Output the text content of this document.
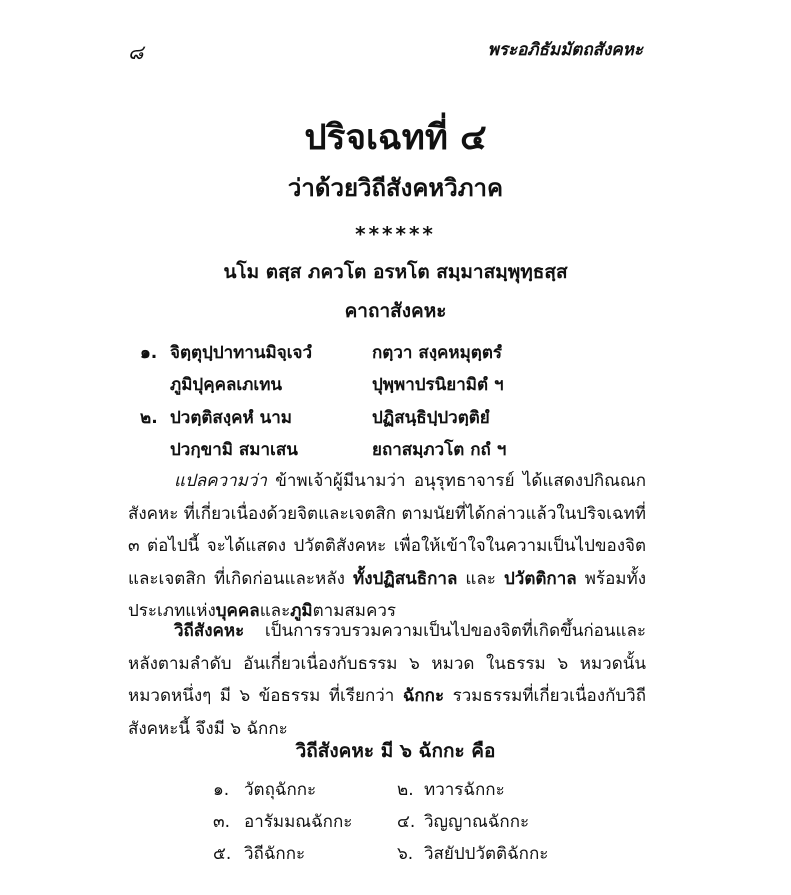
๘	พระอภิธัมมัตถสังคหะ
ปริจเฉทที่ ๔
ว่าด้วยวิถีสังคหวิภาค
******
นโม ตสฺส ภควโต อรหโต สมฺมาสมฺพุทฺธสฺส
คาถาสังคหะ
๑. จิตฺตุปฺปาทานมิจฺเจวํ	กตฺวา สงฺคหมุตฺตรํ
ภูมิปุคฺคลเภเทน	ปุพฺพาปรนิยามิตํ ฯ
๒. ปวตฺติสงฺคหํ นาม	ปฏิสนฺธิปฺปวตฺติยํ
ปวกฺขามิ สมาเสน	ยถาสมฺภวโต กถํ ฯ
แปลความว่า ข้าพเจ้าผู้มีนามว่า อนุรุทธาจารย์ ได้แสดงปกิณณกสังคหะ ที่เกี่ยวเนื่องด้วยจิตและเจตสิก ตามนัยที่ได้กล่าวแล้วในปริจเฉทที่ ๓ ต่อไปนี้ จะได้แสดง ปวัตติสังคหะ เพื่อให้เข้าใจในความเป็นไปของจิตและเจตสิก ที่เกิดก่อนและหลัง ทั้งปฏิสนธิกาล และ ปวัตติกาล พร้อมทั้งประเภทแห่งบุคคลและภูมิตามสมควร
วิถีสังคหะ เป็นการรวบรวมความเป็นไปของจิตที่เกิดขึ้นก่อนและหลังตามลำดับ อันเกี่ยวเนื่องกับธรรม ๖ หมวด ในธรรม ๖ หมวดนั้น หมวดหนึ่งๆ มี ๖ ข้อธรรม ที่เรียกว่า ฉักกะ รวมธรรมที่เกี่ยวเนื่องกับวิถีสังคหะนี้ จึงมี ๖ ฉักกะ
วิถีสังคหะ มี ๖ ฉักกะ คือ
๑. วัตถุฉักกะ	๒. ทวารฉักกะ
๓. อารัมมณฉักกะ	๔. วิญญาณฉักกะ
๕. วิถีฉักกะ	๖. วิสยัปปวัตติฉักกะ
